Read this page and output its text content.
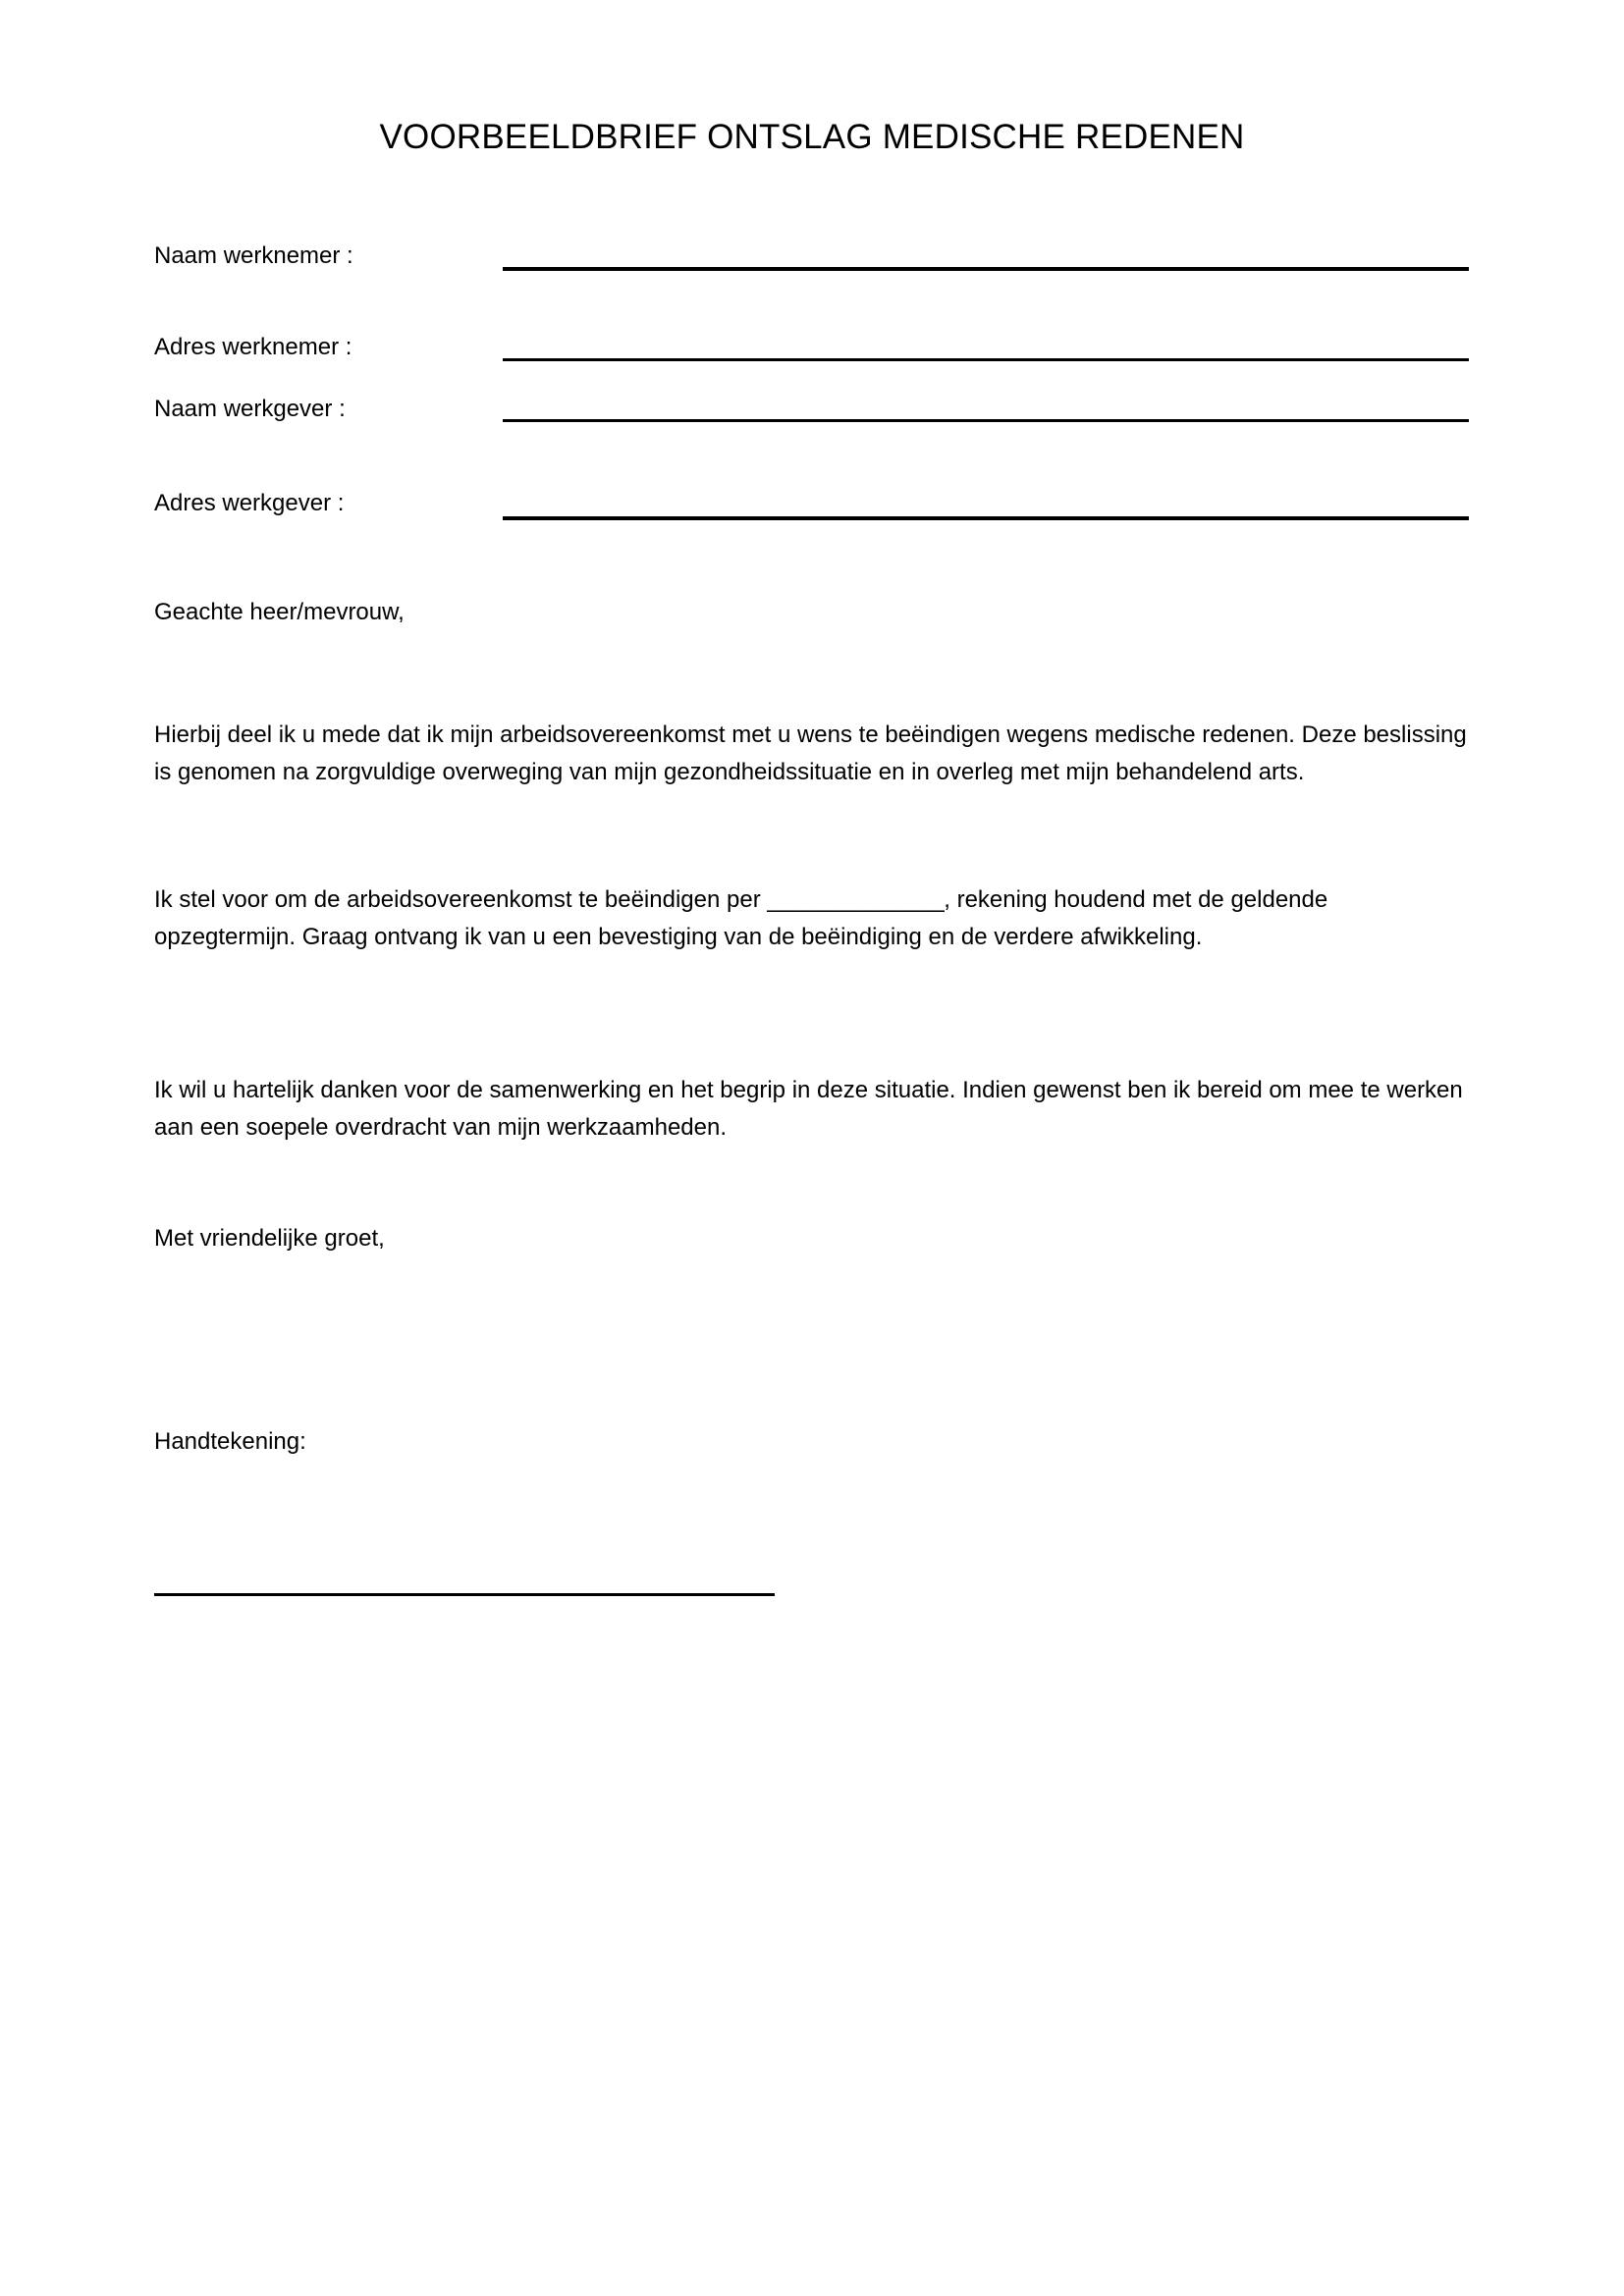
VOORBEELDBRIEF ONTSLAG MEDISCHE REDENEN
Naam werknemer :
Adres werknemer :
Naam werkgever :
Adres werkgever :

Geachte heer/mevrouw,

Hierbij deel ik u mede dat ik mijn arbeidsovereenkomst met u wens te beëindigen wegens medische redenen. Deze beslissing is genomen na zorgvuldige overweging van mijn gezondheidssituatie en in overleg met mijn behandelend arts.

Ik stel voor om de arbeidsovereenkomst te beëindigen per ______________, rekening houdend met de geldende opzegtermijn. Graag ontvang ik van u een bevestiging van de beëindiging en de verdere afwikkeling.

Ik wil u hartelijk danken voor de samenwerking en het begrip in deze situatie. Indien gewenst ben ik bereid om mee te werken aan een soepele overdracht van mijn werkzaamheden.

Met vriendelijke groet,

Handtekening:
